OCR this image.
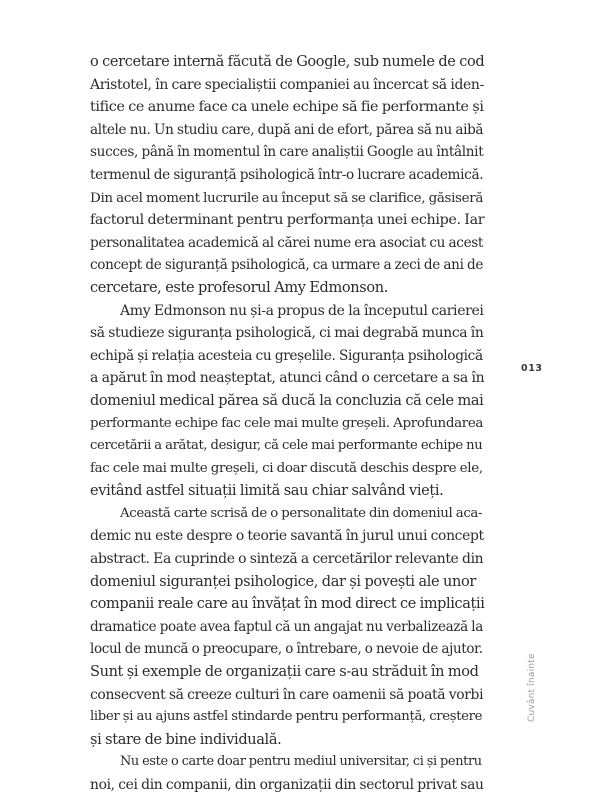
o cercetare internă făcută de Google, sub numele de cod
Aristotel, în care specialiștii companiei au încercat să iden-
tifice ce anume face ca unele echipe să fie performante și
altele nu. Un studiu care, după ani de efort, părea să nu aibă
succes, până în momentul în care analiștii Google au întâlnit
termenul de siguranță psihologică într-o lucrare academică.
Din acel moment lucrurile au început să se clarifice, găsiseră
factorul determinant pentru performanța unei echipe. Iar
personalitatea academică al cărei nume era asociat cu acest
concept de siguranță psihologică, ca urmare a zeci de ani de
cercetare, este profesorul Amy Edmonson.
Amy Edmonson nu și-a propus de la începutul carierei
să studieze siguranța psihologică, ci mai degrabă munca în
echipă și relația acesteia cu greșelile. Siguranța psihologică
a apărut în mod neașteptat, atunci când o cercetare a sa în
domeniul medical părea să ducă la concluzia că cele mai
performante echipe fac cele mai multe greșeli. Aprofundarea
cercetării a arătat, desigur, că cele mai performante echipe nu
fac cele mai multe greșeli, ci doar discută deschis despre ele,
evitând astfel situații limită sau chiar salvând vieți.
Această carte scrisă de o personalitate din domeniul aca-
demic nu este despre o teorie savantă în jurul unui concept
abstract. Ea cuprinde o sinteză a cercetărilor relevante din
domeniul siguranței psihologice, dar și povești ale unor
companii reale care au învățat în mod direct ce implicații
dramatice poate avea faptul că un angajat nu verbalizează la
locul de muncă o preocupare, o întrebare, o nevoie de ajutor.
Sunt și exemple de organizații care s-au străduit în mod
consecvent să creeze culturi în care oamenii să poată vorbi
liber și au ajuns astfel stindarde pentru performanță, creștere
și stare de bine individuală.
Nu este o carte doar pentru mediul universitar, ci și pentru
noi, cei din companii, din organizații din sectorul privat sau
013
Cuvânt înainte
